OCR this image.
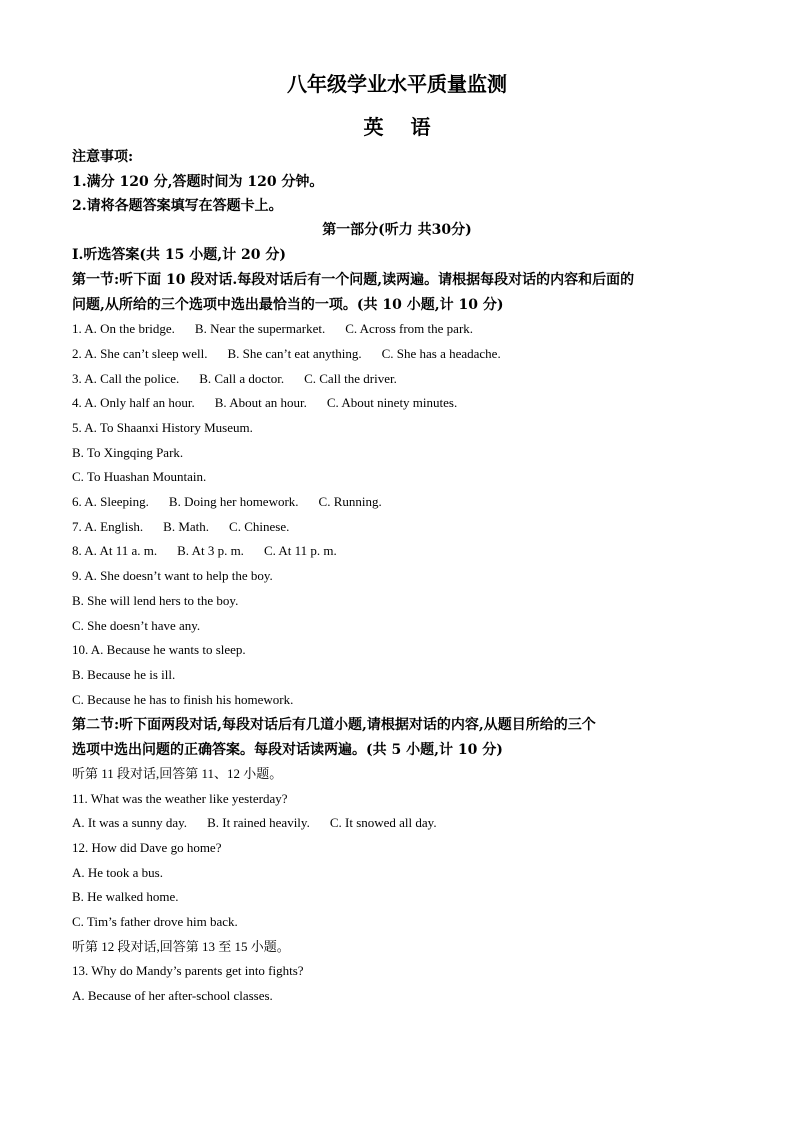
八年级学业水平质量监测
英 语
注意事项:
1.满分 120 分,答题时间为 120 分钟。
2.请将各题答案填写在答题卡上。
第一部分(听力 共30分)
Ⅰ.听选答案(共 15 小题,计 20 分)
第一节:听下面 10 段对话.每段对话后有一个问题,读两遍。请根据每段对话的内容和后面的
问题,从所给的三个选项中选出最恰当的一项。(共 10 小题,计 10 分)
1. A. On the bridge. B. Near the supermarket. C. Across from the park.
2. A. She can’t sleep well. B. She can’t eat anything. C. She has a headache.
3. A. Call the police. B. Call a doctor. C. Call the driver.
4. A. Only half an hour. B. About an hour. C. About ninety minutes.
5. A. To Shaanxi History Museum.
B. To Xingqing Park.
C. To Huashan Mountain.
6. A. Sleeping. B. Doing her homework. C. Running.
7. A. English. B. Math. C. Chinese.
8. A. At 11 a. m. B. At 3 p. m. C. At 11 p. m.
9. A. She doesn’t want to help the boy.
B. She will lend hers to the boy.
C. She doesn’t have any.
10. A. Because he wants to sleep.
B. Because he is ill.
C. Because he has to finish his homework.
第二节:听下面两段对话,每段对话后有几道小题,请根据对话的内容,从题目所给的三个
选项中选出问题的正确答案。每段对话读两遍。(共 5 小题,计 10 分)
听第 11 段对话,回答第 11、12 小题。
11. What was the weather like yesterday?
A. It was a sunny day. B. It rained heavily. C. It snowed all day.
12. How did Dave go home?
A. He took a bus.
B. He walked home.
C. Tim’s father drove him back.
听第 12 段对话,回答第 13 至 15 小题。
13. Why do Mandy’s parents get into fights?
A. Because of her after-school classes.
